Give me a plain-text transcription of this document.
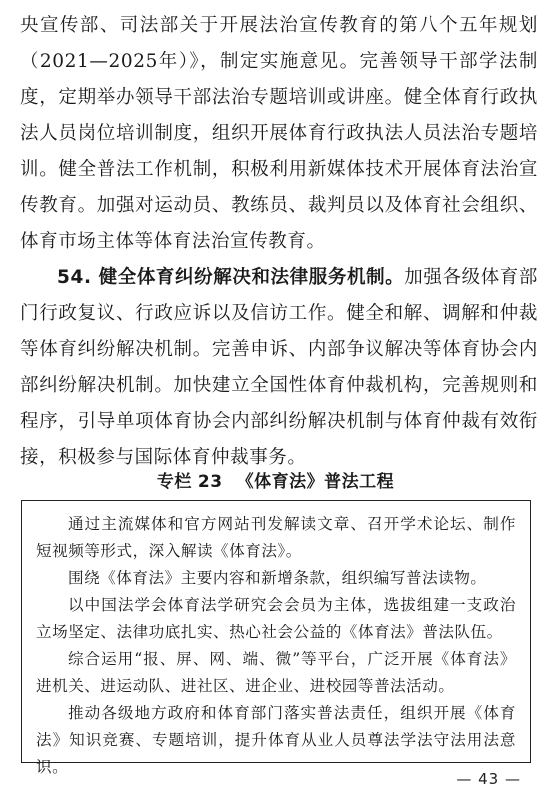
央宣传部、司法部关于开展法治宣传教育的第八个五年规划（2021—2025年）》，制定实施意见。完善领导干部学法制度，定期举办领导干部法治专题培训或讲座。健全体育行政执法人员岗位培训制度，组织开展体育行政执法人员法治专题培训。健全普法工作机制，积极利用新媒体技术开展体育法治宣传教育。加强对运动员、教练员、裁判员以及体育社会组织、体育市场主体等体育法治宣传教育。

54. 健全体育纠纷解决和法律服务机制。加强各级体育部门行政复议、行政应诉以及信访工作。健全和解、调解和仲裁等体育纠纷解决机制。完善申诉、内部争议解决等体育协会内部纠纷解决机制。加快建立全国性体育仲裁机构，完善规则和程序，引导单项体育协会内部纠纷解决机制与体育仲裁有效衔接，积极参与国际体育仲裁事务。

专栏 23 《体育法》普法工程

通过主流媒体和官方网站刊发解读文章、召开学术论坛、制作短视频等形式，深入解读《体育法》。

围绕《体育法》主要内容和新增条款，组织编写普法读物。

以中国法学会体育法学研究会会员为主体，选拔组建一支政治立场坚定、法律功底扎实、热心社会公益的《体育法》普法队伍。

综合运用“报、屏、网、端、微”等平台，广泛开展《体育法》进机关、进运动队、进社区、进企业、进校园等普法活动。

推动各级地方政府和体育部门落实普法责任，组织开展《体育法》知识竞赛、专题培训，提升体育从业人员尊法学法守法用法意识。

— 43 —
